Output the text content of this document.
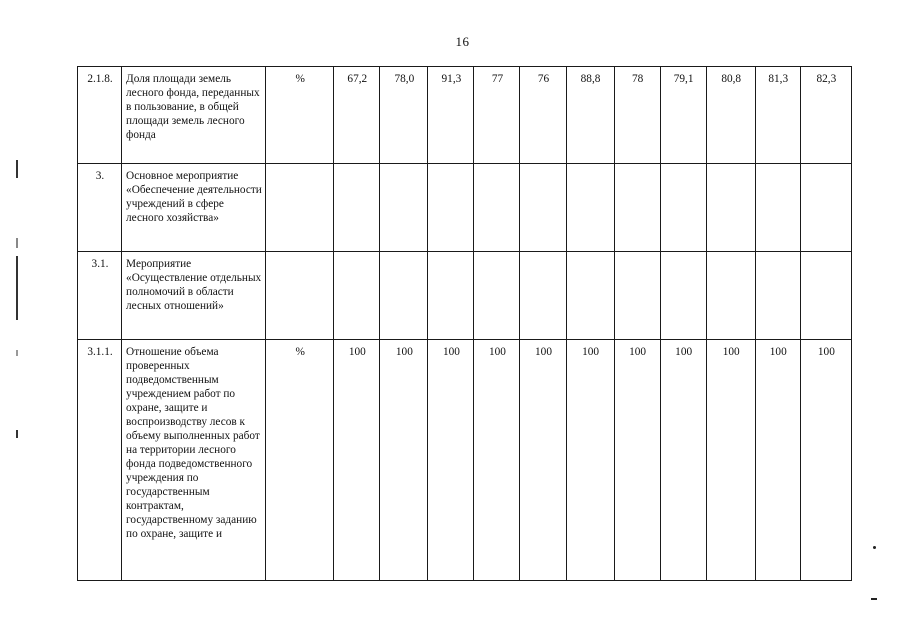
16
2.1.8.	Доля площади земель лесного фонда, переданных в пользование, в общей площади земель лесного фонда	%	67,2	78,0	91,3	77	76	88,8	78	79,1	80,8	81,3	82,3
3.	Основное мероприятие «Обеспечение деятельности учреждений в сфере лесного хозяйства»												
3.1.	Мероприятие «Осуществление отдельных полномочий в области лесных отношений»												
3.1.1.	Отношение объема проверенных подведомственным учреждением работ по охране, защите и воспроизводству лесов к объему выполненных работ на территории лесного фонда подведомственного учреждения по государственным контрактам, государственному заданию по охране, защите и	%	100	100	100	100	100	100	100	100	100	100	100
